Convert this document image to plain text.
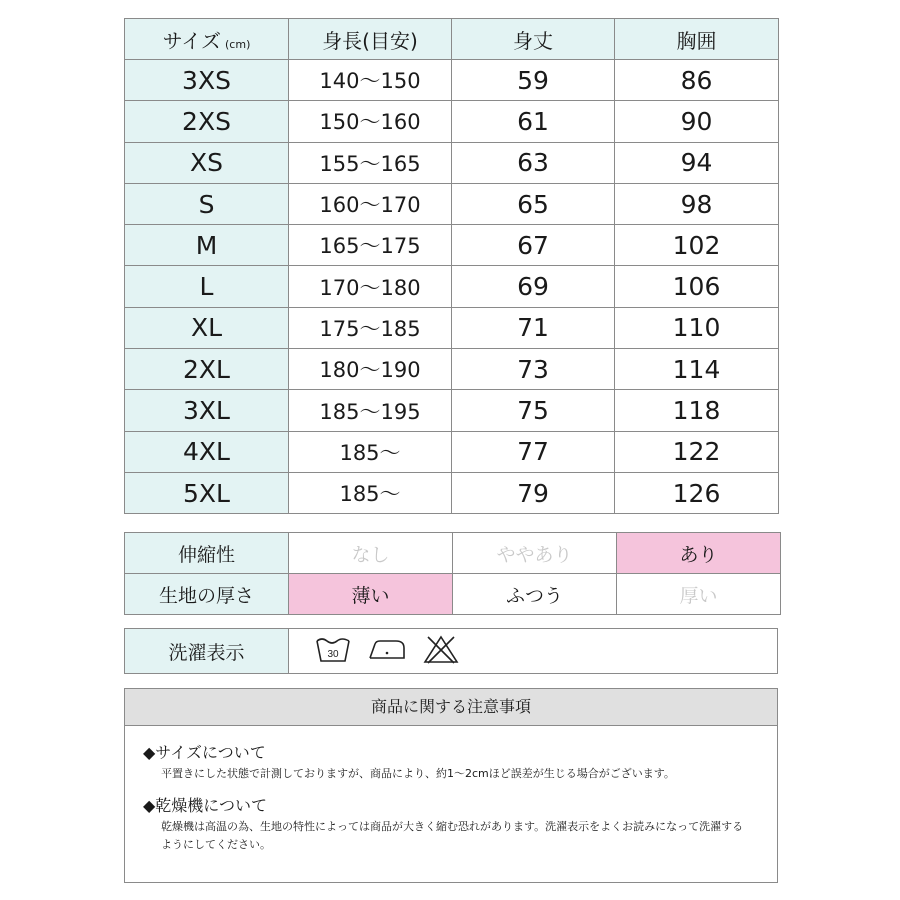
サイズ (cm)	身長(目安)	身丈	胸囲
3XS	140～150	59	86
2XS	150～160	61	90
XS	155～165	63	94
S	160～170	65	98
M	165～175	67	102
L	170～180	69	106
XL	175～185	71	110
2XL	180～190	73	114
3XL	185～195	75	118
4XL	185～	77	122
5XL	185～	79	126
伸縮性	なし	ややあり	あり
生地の厚さ	薄い	ふつう	厚い
洗濯表示	30

商品に関する注意事項
◆サイズについて
平置きにした状態で計測しておりますが、商品により、約1～2cmほど誤差が生じる場合がございます。
◆乾燥機について
乾燥機は高温の為、生地の特性によっては商品が大きく縮む恐れがあります。洗濯表示をよくお読みになって洗濯するようにしてください。
